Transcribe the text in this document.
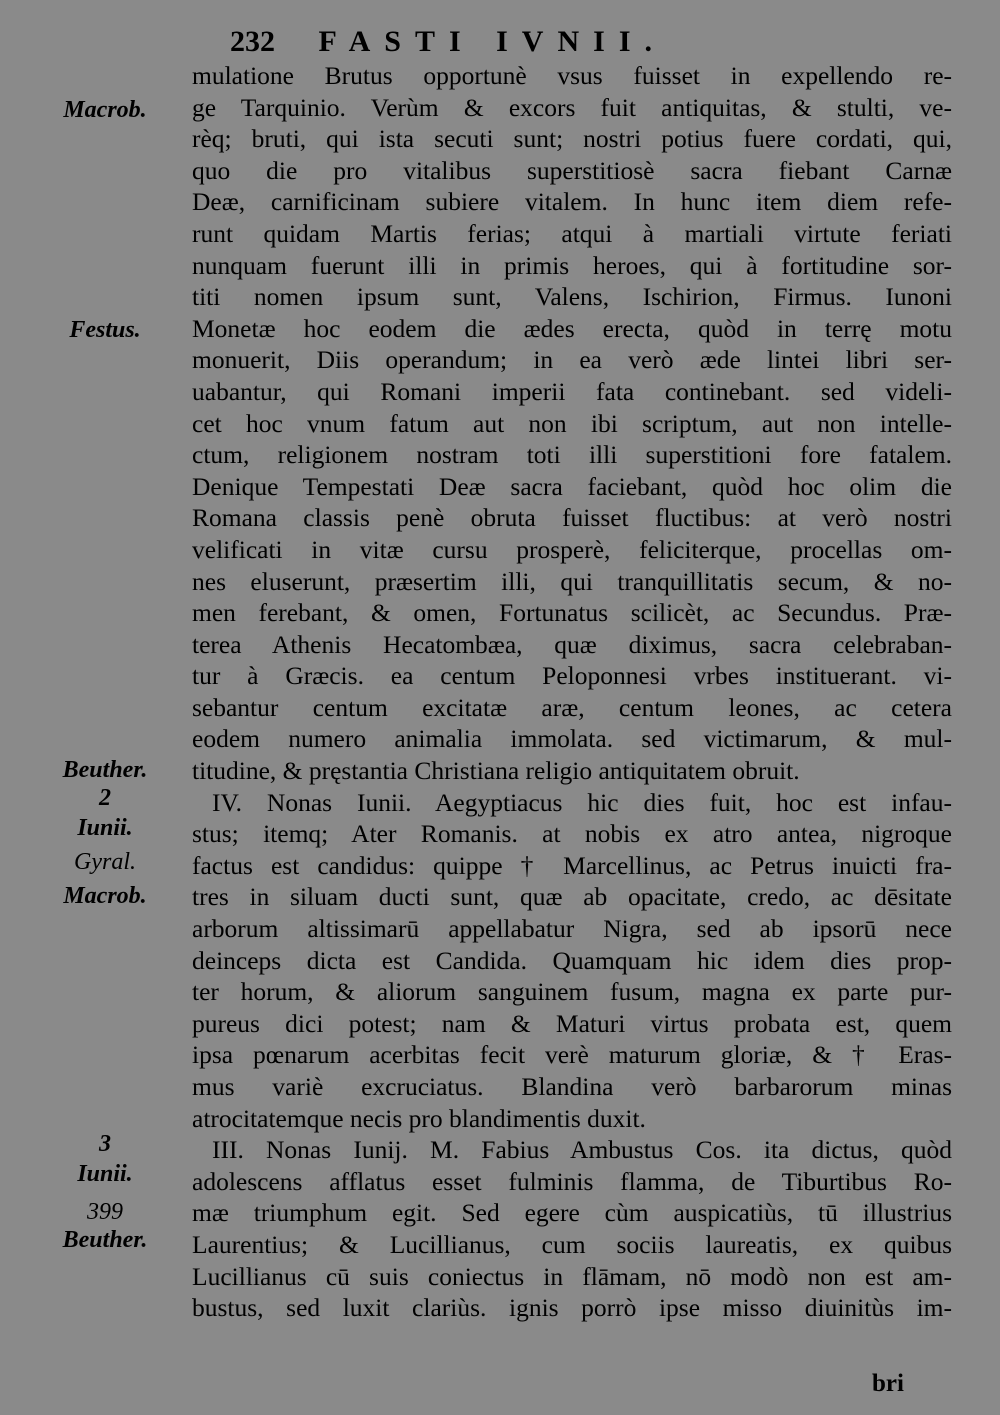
232 FASTI IVNII.
Macrob.
Festus.
Beuther.
2
Iunii.
Gyral.
Macrob.
3
Iunii.
399
Beuther.
mulatione Brutus opportunè vsus fuisset in expellendo re-
ge Tarquinio. Verùm & excors fuit antiquitas, & stulti, ve-
rèq; bruti, qui ista secuti sunt; nostri potius fuere cordati, qui,
quo die pro vitalibus superstitiosè sacra fiebant Carnæ
Deæ, carnificinam subiere vitalem. In hunc item diem refe-
runt quidam Martis ferias; atqui à martiali virtute feriati
nunquam fuerunt illi in primis heroes, qui à fortitudine sor-
titi nomen ipsum sunt, Valens, Ischirion, Firmus. Iunoni
Monetæ hoc eodem die ædes erecta, quòd in terrę motu
monuerit, Diis operandum; in ea verò æde lintei libri ser-
uabantur, qui Romani imperii fata continebant. sed videli-
cet hoc vnum fatum aut non ibi scriptum, aut non intelle-
ctum, religionem nostram toti illi superstitioni fore fatalem.
Denique Tempestati Deæ sacra faciebant, quòd hoc olim die
Romana classis penè obruta fuisset fluctibus: at verò nostri
velificati in vitæ cursu prosperè, feliciterque, procellas om-
nes eluserunt, præsertim illi, qui tranquillitatis secum, & no-
men ferebant, & omen, Fortunatus scilicèt, ac Secundus. Præ-
terea Athenis Hecatombæa, quæ diximus, sacra celebraban-
tur à Græcis. ea centum Peloponnesi vrbes instituerant. vi-
sebantur centum excitatæ aræ, centum leones, ac cetera
eodem numero animalia immolata. sed victimarum, & mul-
titudine, & pręstantia Christiana religio antiquitatem obruit.
IV. Nonas Iunii. Aegyptiacus hic dies fuit, hoc est infau-
stus; itemq; Ater Romanis. at nobis ex atro antea, nigroque
factus est candidus: quippe † Marcellinus, ac Petrus inuicti fra-
tres in siluam ducti sunt, quæ ab opacitate, credo, ac dēsitate
arborum altissimarū appellabatur Nigra, sed ab ipsorū nece
deinceps dicta est Candida. Quamquam hic idem dies prop-
ter horum, & aliorum sanguinem fusum, magna ex parte pur-
pureus dici potest; nam & Maturi virtus probata est, quem
ipsa pœnarum acerbitas fecit verè maturum gloriæ, & † Eras-
mus variè excruciatus. Blandina verò barbarorum minas
atrocitatemque necis pro blandimentis duxit.
III. Nonas Iunij. M. Fabius Ambustus Cos. ita dictus, quòd
adolescens afflatus esset fulminis flamma, de Tiburtibus Ro-
mæ triumphum egit. Sed egere cùm auspicatiùs, tū illustrius
Laurentius; & Lucillianus, cum sociis laureatis, ex quibus
Lucillianus cū suis coniectus in flāmam, nō modò non est am-
bustus, sed luxit clariùs. ignis porrò ipse misso diuinitùs im-
bri
